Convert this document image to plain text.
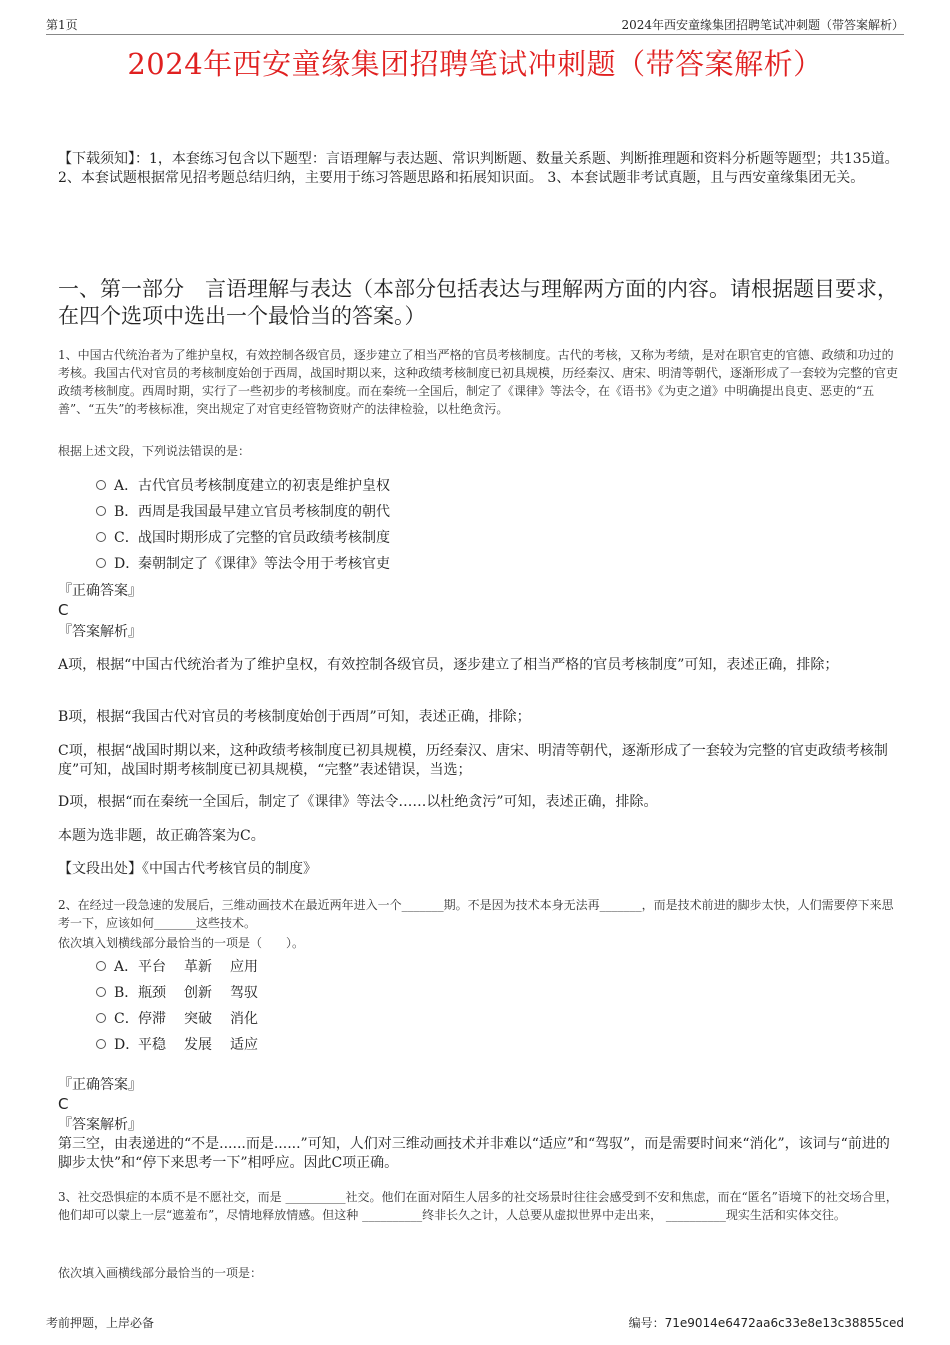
第1页	2024年西安童缘集团招聘笔试冲刺题（带答案解析）
2024年西安童缘集团招聘笔试冲刺题（带答案解析）

【下载须知】：1，本套练习包含以下题型：言语理解与表达题、常识判断题、数量关系题、判断推理题和资料分析题等题型；共135道。 2、本套试题根据常见招考题总结归纳，主要用于练习答题思路和拓展知识面。 3、本套试题非考试真题，且与西安童缘集团无关。

一、第一部分　言语理解与表达（本部分包括表达与理解两方面的内容。请根据题目要求，在四个选项中选出一个最恰当的答案。）

1、中国古代统治者为了维护皇权，有效控制各级官员，逐步建立了相当严格的官员考核制度。古代的考核，又称为考绩，是对在职官吏的官德、政绩和功过的考核。我国古代对官员的考核制度始创于西周，战国时期以来，这种政绩考核制度已初具规模，历经秦汉、唐宋、明清等朝代，逐渐形成了一套较为完整的官吏政绩考核制度。西周时期，实行了一些初步的考核制度。而在秦统一全国后，制定了《课律》等法令，在《语书》《为吏之道》中明确提出良吏、恶吏的“五善”、“五失”的考核标准，突出规定了对官吏经管物资财产的法律检验，以杜绝贪污。

根据上述文段，下列说法错误的是：

A．古代官员考核制度建立的初衷是维护皇权
B．西周是我国最早建立官员考核制度的朝代
C．战国时期形成了完整的官员政绩考核制度
D．秦朝制定了《课律》等法令用于考核官吏

『正确答案』

C

『答案解析』

A项，根据“中国古代统治者为了维护皇权，有效控制各级官员，逐步建立了相当严格的官员考核制度”可知，表述正确，排除；

B项，根据“我国古代对官员的考核制度始创于西周”可知，表述正确，排除；

C项，根据“战国时期以来，这种政绩考核制度已初具规模，历经秦汉、唐宋、明清等朝代，逐渐形成了一套较为完整的官吏政绩考核制度”可知，战国时期考核制度已初具规模，“完整”表述错误，当选；

D项，根据“而在秦统一全国后，制定了《课律》等法令……以杜绝贪污”可知，表述正确，排除。

本题为选非题，故正确答案为C。

【文段出处】《中国古代考核官员的制度》

2、在经过一段急速的发展后，三维动画技术在最近两年进入一个_______期。不是因为技术本身无法再_______，而是技术前进的脚步太快，人们需要停下来思考一下，应该如何_______这些技术。

依次填入划横线部分最恰当的一项是（　　）。

A．平台 革新 应用
B．瓶颈 创新 驾驭
C．停滞 突破 消化
D．平稳 发展 适应

『正确答案』

C

『答案解析』

第三空，由表递进的“不是......而是......”可知，人们对三维动画技术并非难以“适应”和“驾驭”，而是需要时间来“消化”，该词与“前进的脚步太快”和“停下来思考一下”相呼应。因此C项正确。

3、社交恐惧症的本质不是不愿社交，而是 __________社交。他们在面对陌生人居多的社交场景时往往会感受到不安和焦虑，而在“匿名”语境下的社交场合里，他们却可以蒙上一层“遮羞布”，尽情地释放情感。但这种 __________终非长久之计，人总要从虚拟世界中走出来， __________现实生活和实体交往。

依次填入画横线部分最恰当的一项是：

考前押题，上岸必备	编号：71e9014e6472aa6c33e8e13c38855ced
